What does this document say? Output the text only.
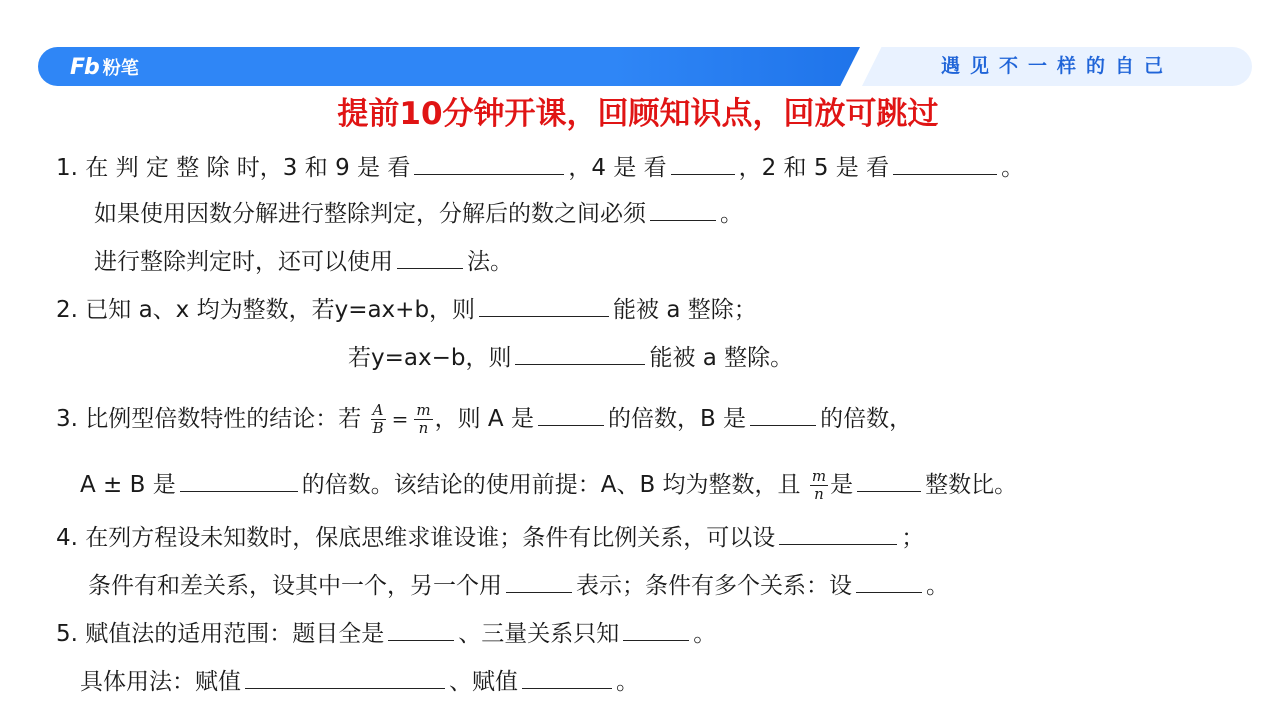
Fb 粉笔	遇见不一样的自己
提前10分钟开课，回顾知识点，回放可跳过
1. 在 判 定 整 除 时，3 和 9 是 看	，4 是 看	，2 和 5 是 看	。
如果使用因数分解进行整除判定，分解后的数之间必须	。
进行整除判定时，还可以使用	法。
2. 已知 a、x 均为整数，若y=ax+b，则	能被 a 整除；
若y=ax−b，则	能被 a 整除。
3. 比例型倍数特性的结论：若 $\frac{A}{B} = \frac{m}{n}$ ，则 A 是	的倍数，B 是	的倍数，
A ± B 是	的倍数。该结论的使用前提：A、B 均为整数，且 $\frac{m}{n}$ 是	整数比。
4. 在列方程设未知数时，保底思维求谁设谁；条件有比例关系，可以设	；
条件有和差关系，设其中一个，另一个用	表示；条件有多个关系：设	。
5. 赋值法的适用范围：题目全是	、三量关系只知	。
具体用法：赋值	、赋值	。
